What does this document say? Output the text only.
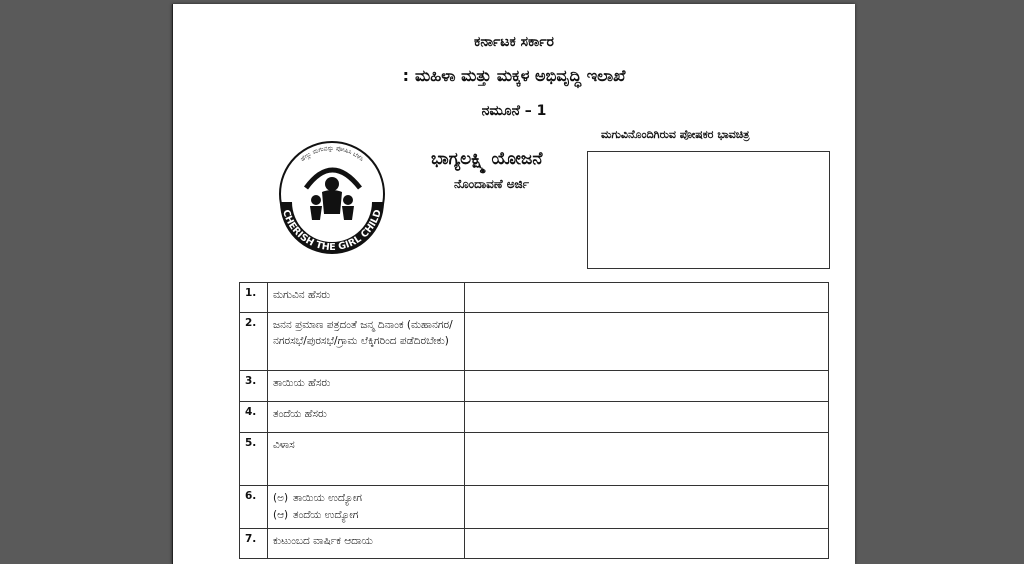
ಕರ್ನಾಟಕ ಸರ್ಕಾರ
: ಮಹಿಳಾ ಮತ್ತು ಮಕ್ಕಳ ಅಭಿವೃದ್ಧಿ ಇಲಾಖೆ
ನಮೂನೆ – 1
ಹೆಣ್ಣು ಮಗುವನ್ನು ಪೋಷಿಸಿ ಬೆಳೆಸಿ
CHERISH THE GIRL CHILD
ಭಾಗ್ಯಲಕ್ಷ್ಮಿ ಯೋಜನೆ
ನೊಂದಾವಣೆ ಅರ್ಜಿ
ಮಗುವಿನೊಂದಿಗಿರುವ ಪೋಷಕರ ಭಾವಚಿತ್ರ
1.	ಮಗುವಿನ ಹೆಸರು	
2.	ಜನನ ಪ್ರಮಾಣ ಪತ್ರದಂತೆ ಜನ್ಮ ದಿನಾಂಕ (ಮಹಾನಗರ/ನಗರಸಭೆ/ಪುರಸಭೆ/ಗ್ರಾಮ ಲೆಕ್ಕಿಗರಿಂದ ಪಡೆದಿರಬೇಕು)	
3.	ತಾಯಿಯ ಹೆಸರು	
4.	ತಂದೆಯ ಹೆಸರು	
5.	ವಿಳಾಸ	
6.	(ಅ) ತಾಯಿಯ ಉದ್ಯೋಗ
(ಆ) ತಂದೆಯ ಉದ್ಯೋಗ	

7.	ಕುಟುಂಬದ ವಾರ್ಷಿಕ ಆದಾಯ	
